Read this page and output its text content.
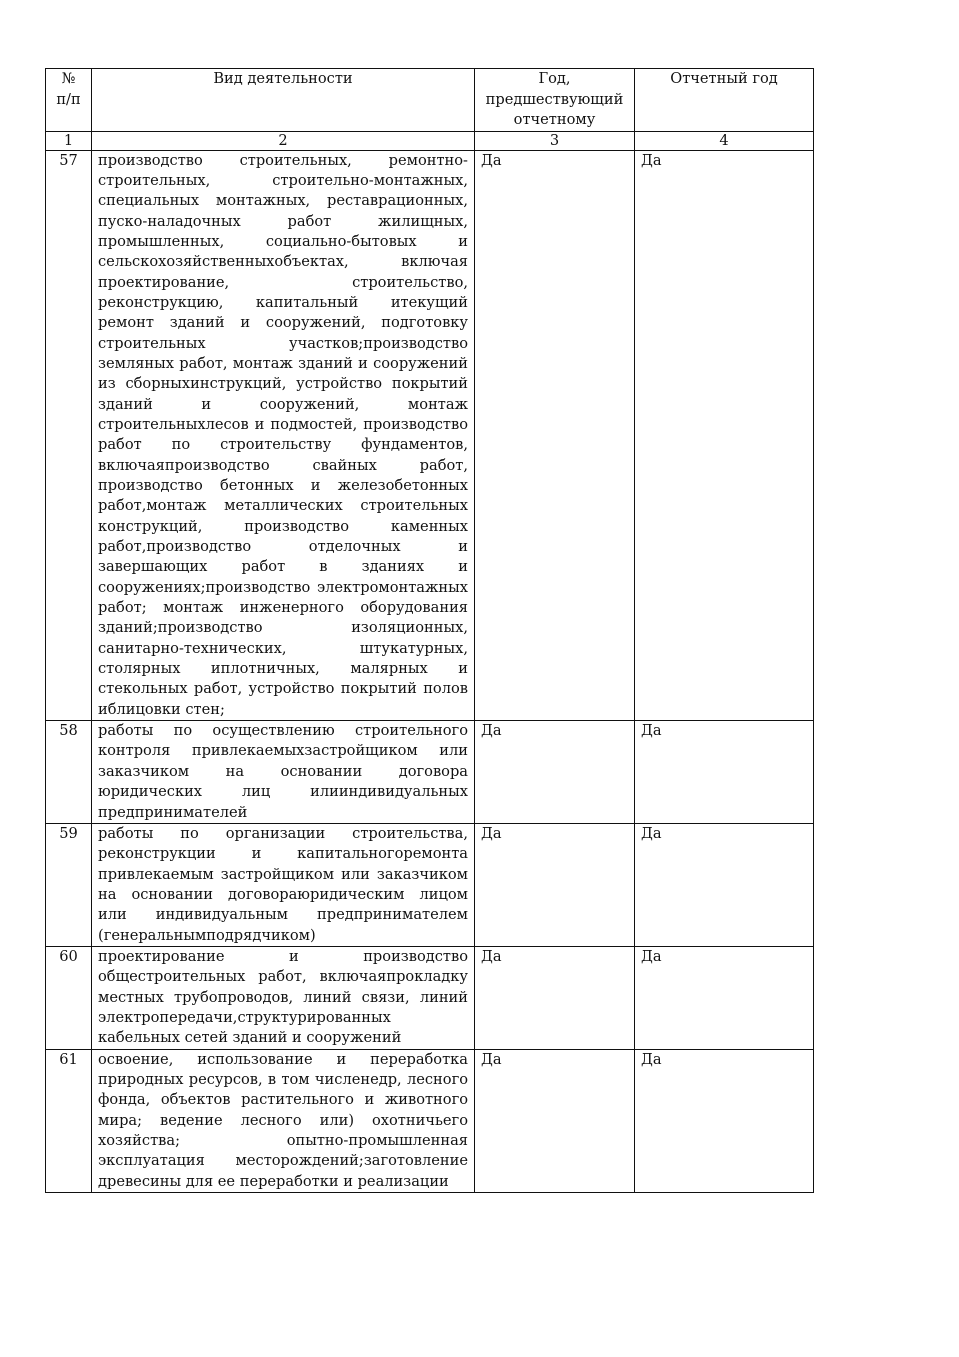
№ п/п	Вид деятельности	Год, предшествующий отчетному	Отчетный год
1	2	3	4
57	производство строительных, ремонтно-строительных, строительно-монтажных, специальных монтажных, реставрационных, пуско-наладочных работ жилищных, промышленных, социально-бытовых и сельскохозяйственныхобъектах, включая проектирование, строительство, реконструкцию, капитальный итекущий ремонт зданий и сооружений, подготовку строительных участков;производство земляных работ, монтаж зданий и сооружений из сборныхинструкций, устройство покрытий зданий и сооружений, монтаж строительныхлесов и подмостей, производство работ по строительству фундаментов, включаяпроизводство свайных работ, производство бетонных и железобетонных работ,монтаж металлических строительных конструкций, производство каменных работ,производство отделочных и завершающих работ в зданиях и сооружениях;производство электромонтажных работ; монтаж инженерного оборудования зданий;производство изоляционных, санитарно-технических, штукатурных, столярных иплотничных, малярных и стекольных работ, устройство покрытий полов иблицовки стен;	Да	Да
58	работы по осуществлению строительного контроля привлекаемыхзастройщиком или заказчиком на основании договора юридических лиц илииндивидуальных предпринимателей	Да	Да
59	работы по организации строительства, реконструкции и капитальногоремонта привлекаемым застройщиком или заказчиком на основании договораюридическим лицом или индивидуальным предпринимателем (генеральнымподрядчиком)	Да	Да
60	проектирование и производство общестроительных работ, включаяпрокладку местных трубопроводов, линий связи, линий электропередачи,структурированных кабельных сетей зданий и сооружений	Да	Да
61	освоение, использование и переработка природных ресурсов, в том численедр, лесного фонда, объектов растительного и животного мира; ведение лесного или) охотничьего хозяйства; опытно-промышленная эксплуатация месторождений;заготовление древесины для ее переработки и реализации	Да	Да
